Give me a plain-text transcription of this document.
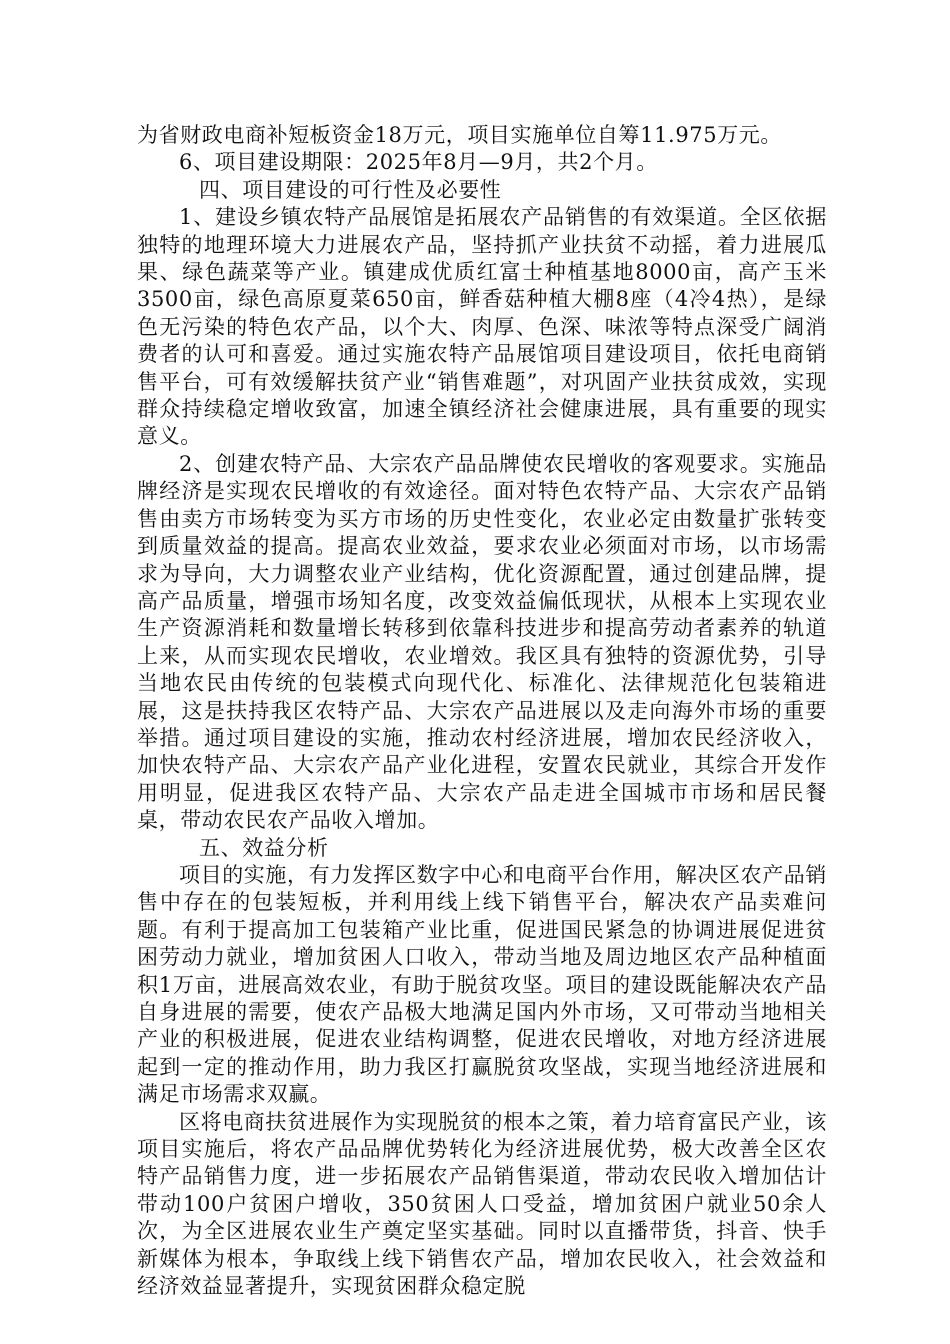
为省财政电商补短板资金18万元，项目实施单位自筹11.975万元。

6、项目建设期限：2025年8月—9月，共2个月。

四、项目建设的可行性及必要性

1、建设乡镇农特产品展馆是拓展农产品销售的有效渠道。全区依据独特的地理环境大力进展农产品，坚持抓产业扶贫不动摇，着力进展瓜果、绿色蔬菜等产业。镇建成优质红富士种植基地8000亩，高产玉米3500亩，绿色高原夏菜650亩，鲜香菇种植大棚8座（4冷4热），是绿色无污染的特色农产品，以个大、肉厚、色深、味浓等特点深受广阔消费者的认可和喜爱。通过实施农特产品展馆项目建设项目，依托电商销售平台，可有效缓解扶贫产业“销售难题”，对巩固产业扶贫成效，实现群众持续稳定增收致富，加速全镇经济社会健康进展，具有重要的现实意义。

2、创建农特产品、大宗农产品品牌使农民增收的客观要求。实施品牌经济是实现农民增收的有效途径。面对特色农特产品、大宗农产品销售由卖方市场转变为买方市场的历史性变化，农业必定由数量扩张转变到质量效益的提高。提高农业效益，要求农业必须面对市场，以市场需求为导向，大力调整农业产业结构，优化资源配置，通过创建品牌，提高产品质量，增强市场知名度，改变效益偏低现状，从根本上实现农业生产资源消耗和数量增长转移到依靠科技进步和提高劳动者素养的轨道上来，从而实现农民增收，农业增效。我区具有独特的资源优势，引导当地农民由传统的包装模式向现代化、标准化、法律规范化包装箱进展，这是扶持我区农特产品、大宗农产品进展以及走向海外市场的重要举措。通过项目建设的实施，推动农村经济进展，增加农民经济收入，加快农特产品、大宗农产品产业化进程，安置农民就业，其综合开发作用明显，促进我区农特产品、大宗农产品走进全国城市市场和居民餐桌，带动农民农产品收入增加。

五、效益分析

项目的实施，有力发挥区数字中心和电商平台作用，解决区农产品销售中存在的包装短板，并利用线上线下销售平台，解决农产品卖难问题。有利于提高加工包装箱产业比重，促进国民紧急的协调进展促进贫困劳动力就业，增加贫困人口收入，带动当地及周边地区农产品种植面积1万亩，进展高效农业，有助于脱贫攻坚。项目的建设既能解决农产品自身进展的需要，使农产品极大地满足国内外市场，又可带动当地相关产业的积极进展，促进农业结构调整，促进农民增收，对地方经济进展起到一定的推动作用，助力我区打赢脱贫攻坚战，实现当地经济进展和满足市场需求双赢。

区将电商扶贫进展作为实现脱贫的根本之策，着力培育富民产业，该项目实施后，将农产品品牌优势转化为经济进展优势，极大改善全区农特产品销售力度，进一步拓展农产品销售渠道，带动农民收入增加估计带动100户贫困户增收，350贫困人口受益，增加贫困户就业50余人次，为全区进展农业生产奠定坚实基础。同时以直播带货，抖音、快手新媒体为根本，争取线上线下销售农产品，增加农民收入，社会效益和经济效益显著提升，实现贫困群众稳定脱
